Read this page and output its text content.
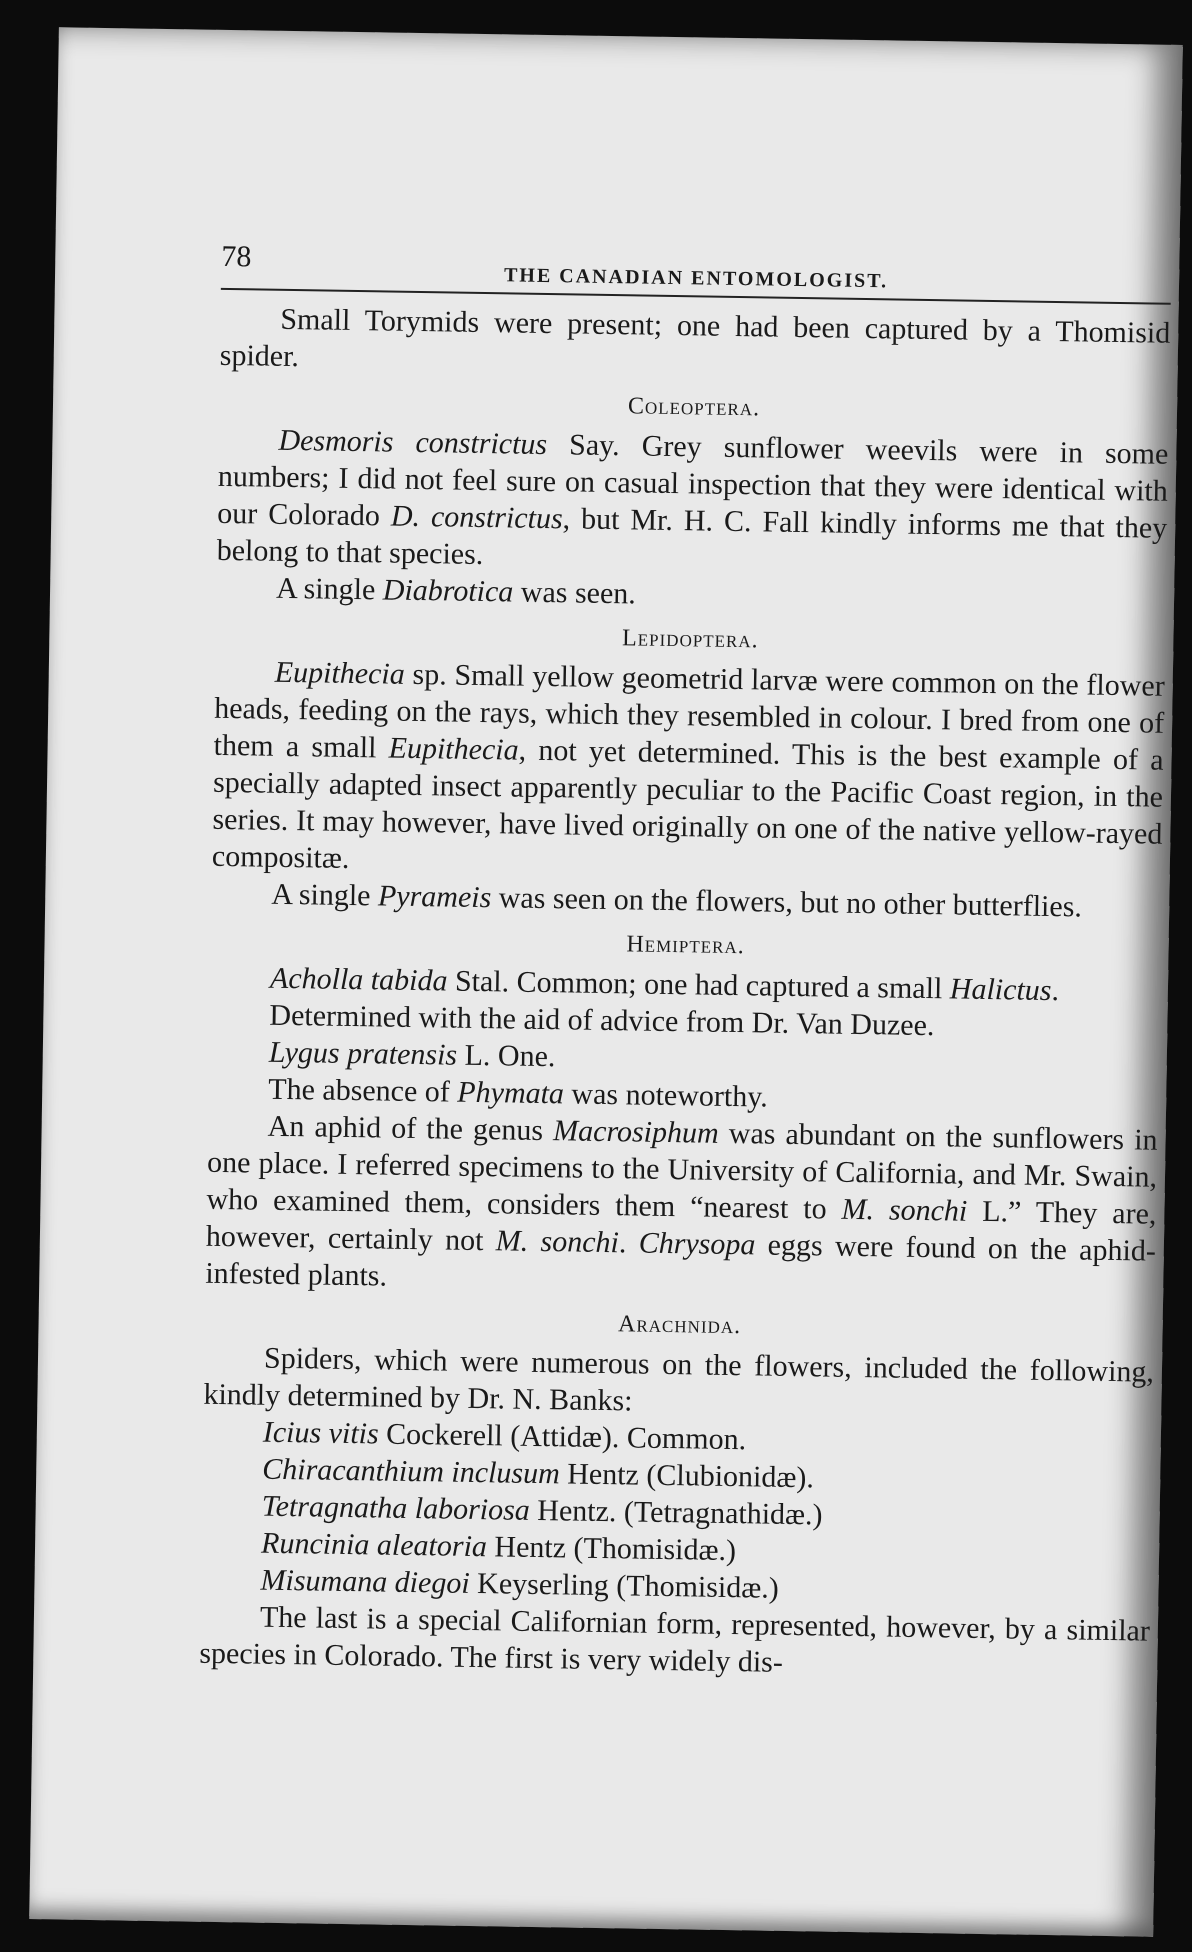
78
THE CANADIAN ENTOMOLOGIST.

Small Torymids were present; one had been captured by a Thomisid spider.

Coleoptera.

Desmoris constrictus Say. Grey sunflower weevils were in some numbers; I did not feel sure on casual inspection that they were identical with our Colorado D. constrictus, but Mr. H. C. Fall kindly informs me that they belong to that species.

A single Diabrotica was seen.

Lepidoptera.

Eupithecia sp. Small yellow geometrid larvæ were common on the flower heads, feeding on the rays, which they resembled in colour. I bred from one of them a small Eupithecia, not yet determined. This is the best example of a specially adapted insect apparently peculiar to the Pacific Coast region, in the series. It may however, have lived originally on one of the native yellow-rayed compositæ.

A single Pyrameis was seen on the flowers, but no other butterflies.

Hemiptera.

Acholla tabida Stal. Common; one had captured a small Halictus.

Determined with the aid of advice from Dr. Van Duzee.

Lygus pratensis L. One.

The absence of Phymata was noteworthy.

An aphid of the genus Macrosiphum was abundant on the sunflowers in one place. I referred specimens to the University of California, and Mr. Swain, who examined them, considers them “nearest to M. sonchi L.” They are, however, certainly not M. sonchi. Chrysopa eggs were found on the aphid-infested plants.

Arachnida.

Spiders, which were numerous on the flowers, included the following, kindly determined by Dr. N. Banks:

Icius vitis Cockerell (Attidæ). Common.

Chiracanthium inclusum Hentz (Clubionidæ).

Tetragnatha laboriosa Hentz. (Tetragnathidæ.)

Runcinia aleatoria Hentz (Thomisidæ.)

Misumana diegoi Keyserling (Thomisidæ.)

The last is a special Californian form, represented, however, by a similar species in Colorado. The first is very widely dis-
